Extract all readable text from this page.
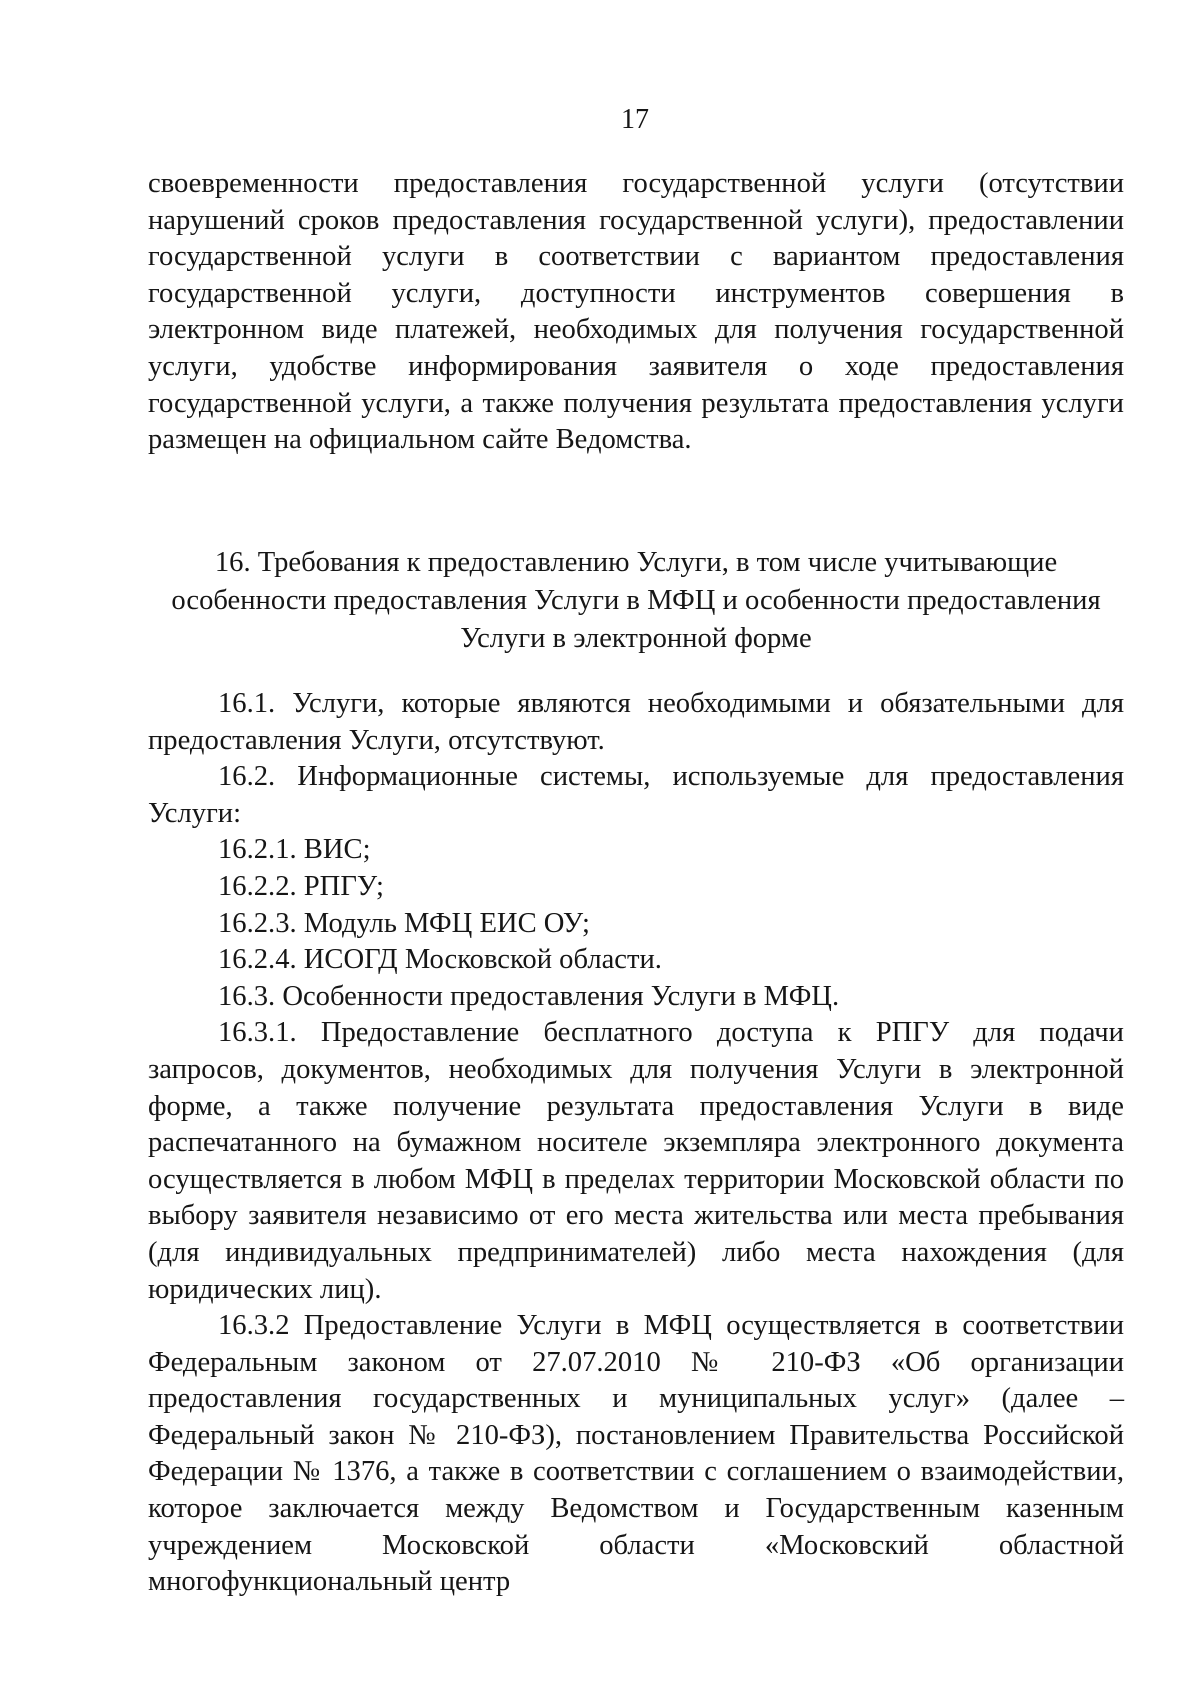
17

своевременности предоставления государственной услуги (отсутствии нарушений сроков предоставления государственной услуги), предоставлении государственной услуги в соответствии с вариантом предоставления государственной услуги, доступности инструментов совершения в электронном виде платежей, необходимых для получения государственной услуги, удобстве информирования заявителя о ходе предоставления государственной услуги, а также получения результата предоставления услуги размещен на официальном сайте Ведомства.

16. Требования к предоставлению Услуги, в том числе учитывающие
особенности предоставления Услуги в МФЦ и особенности предоставления
Услуги в электронной форме

16.1. Услуги, которые являются необходимыми и обязательными для предоставления Услуги, отсутствуют.

16.2. Информационные системы, используемые для предоставления Услуги:

16.2.1. ВИС;

16.2.2. РПГУ;

16.2.3. Модуль МФЦ ЕИС ОУ;

16.2.4. ИСОГД Московской области.

16.3. Особенности предоставления Услуги в МФЦ.

16.3.1. Предоставление бесплатного доступа к РПГУ для подачи запросов, документов, необходимых для получения Услуги в электронной форме, а также получение результата предоставления Услуги в виде распечатанного на бумажном носителе экземпляра электронного документа осуществляется в любом МФЦ в пределах территории Московской области по выбору заявителя независимо от его места жительства или места пребывания (для индивидуальных предпринимателей) либо места нахождения (для юридических лиц).

16.3.2 Предоставление Услуги в МФЦ осуществляется в соответствии Федеральным законом от 27.07.2010 № 210-ФЗ «Об организации предоставления государственных и муниципальных услуг» (далее – Федеральный закон № 210-ФЗ), постановлением Правительства Российской Федерации № 1376, а также в соответствии с соглашением о взаимодействии, которое заключается между Ведомством и Государственным казенным учреждением Московской области «Московский областной многофункциональный центр
